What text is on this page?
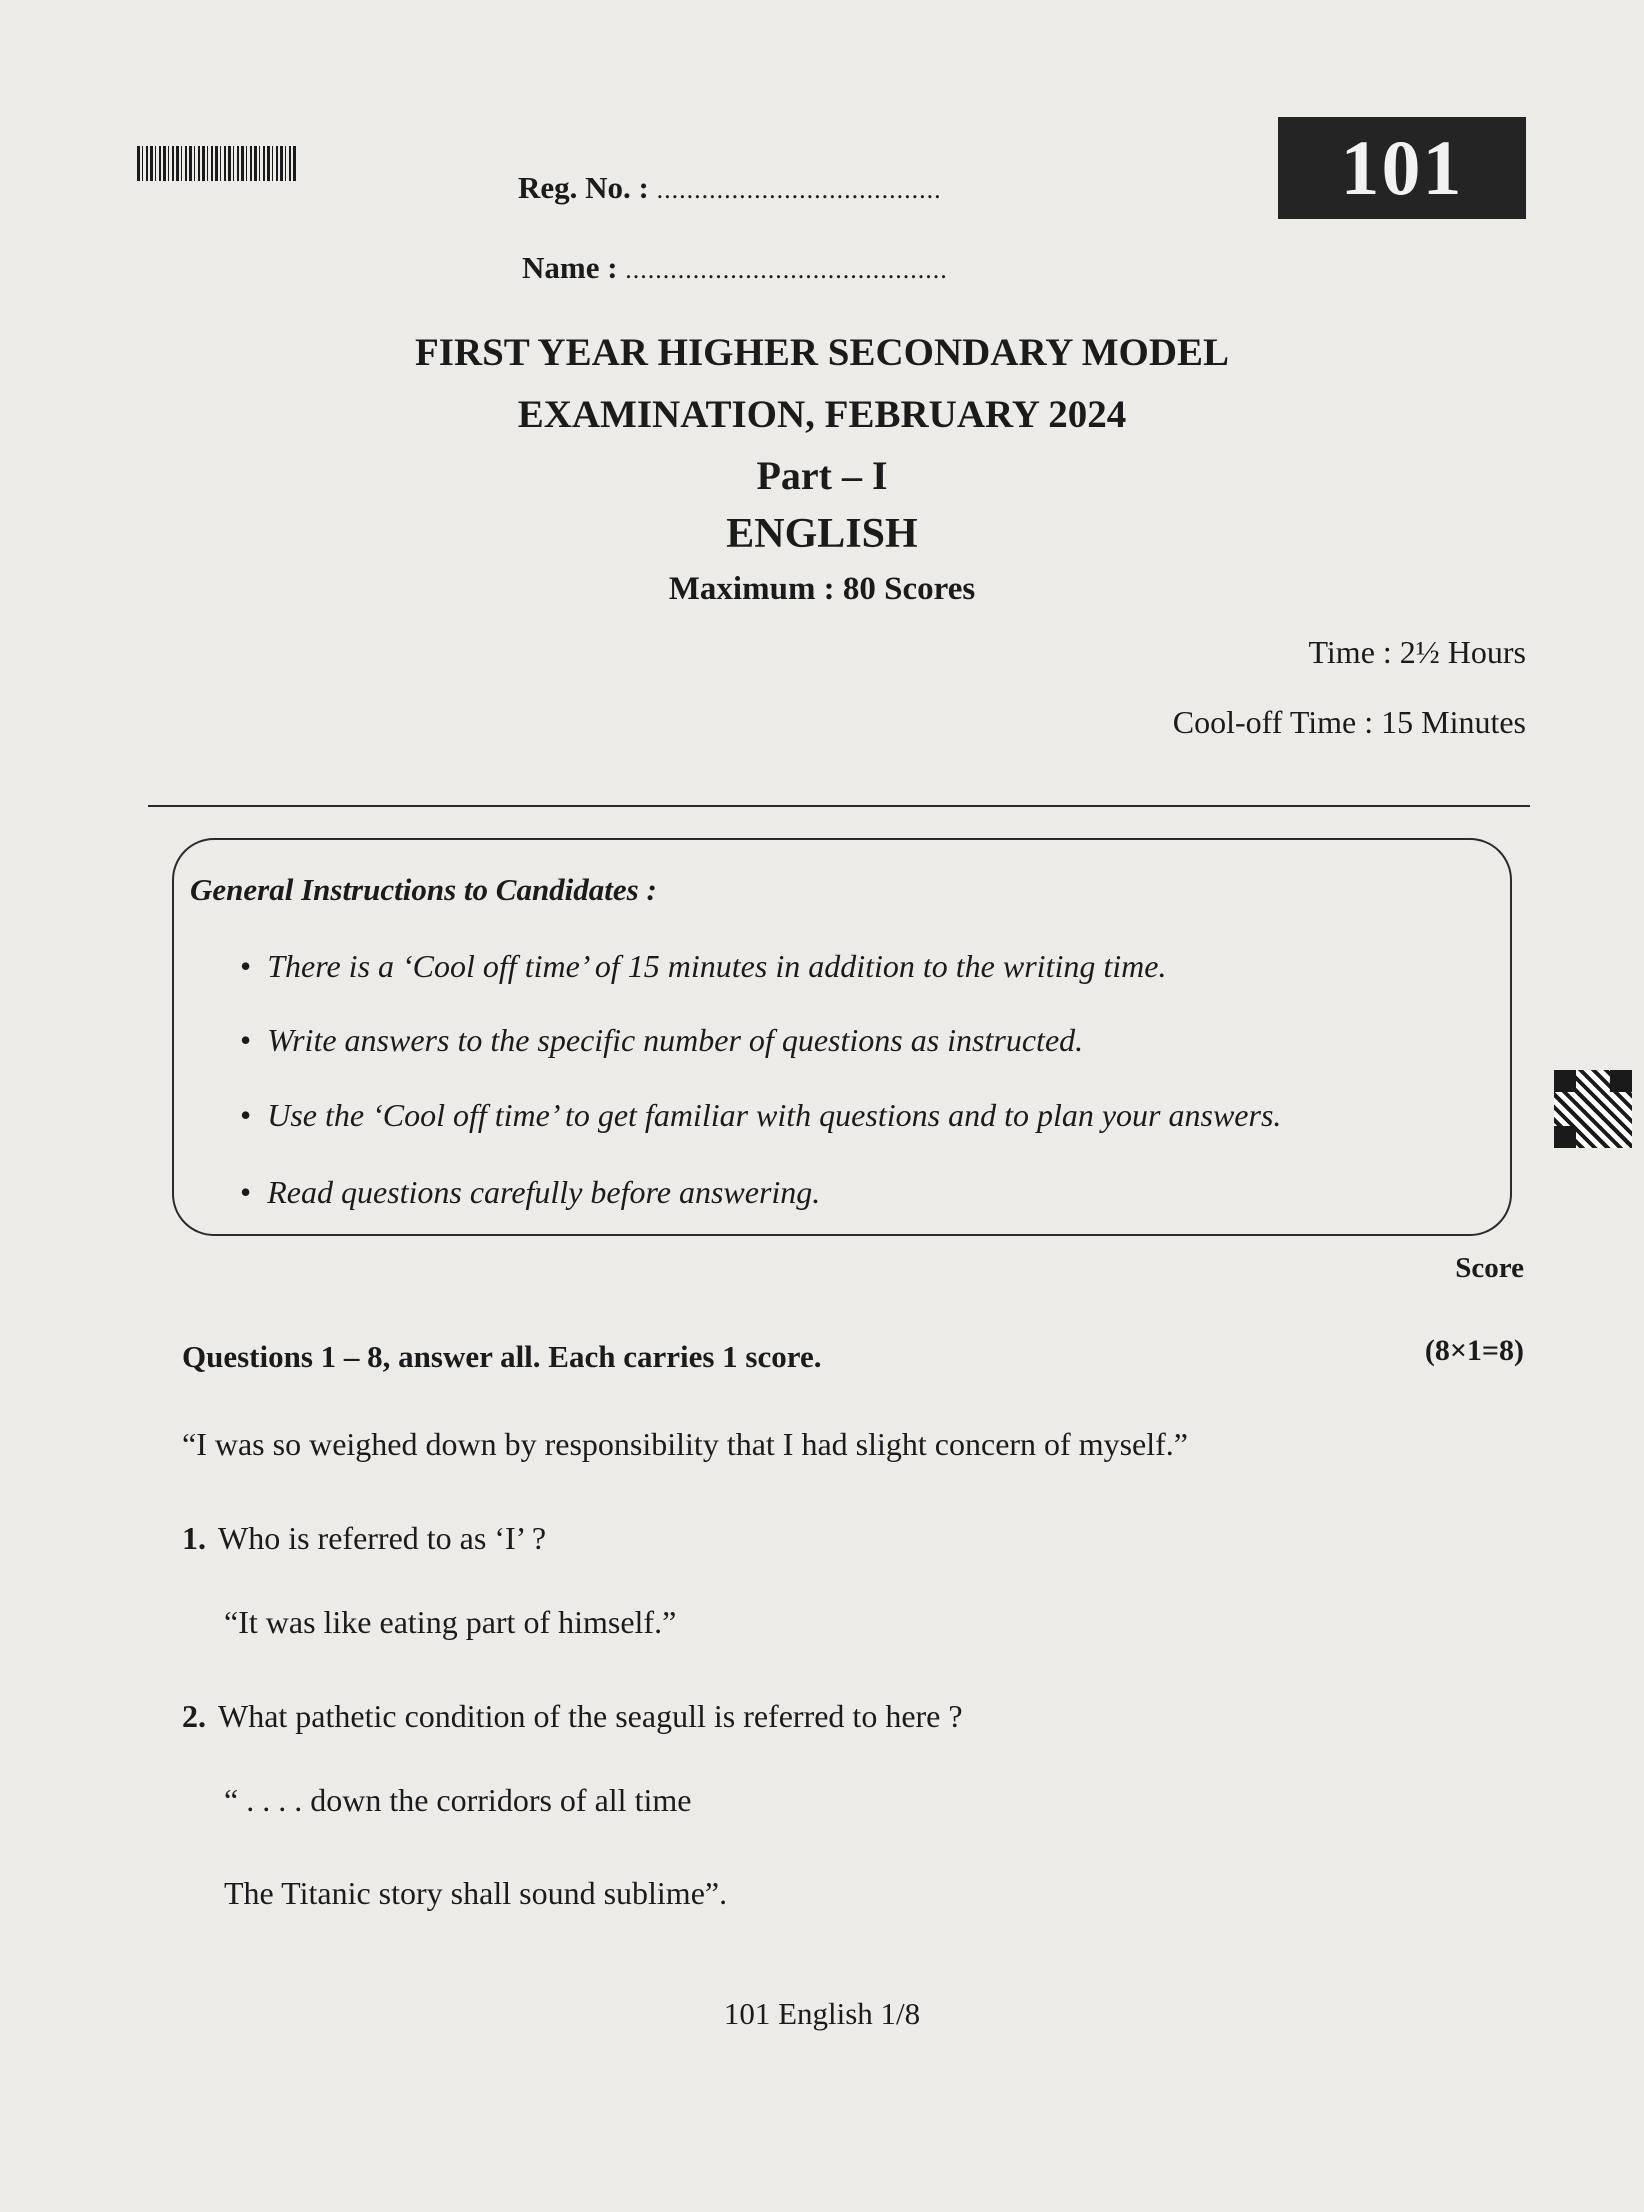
Reg. No. : ......................................
Name : ...........................................
101
FIRST YEAR HIGHER SECONDARY MODEL
EXAMINATION, FEBRUARY 2024
Part – I
ENGLISH
Maximum : 80 Scores
Time : 2½ Hours
Cool-off Time : 15 Minutes
General Instructions to Candidates :
• There is a ‘Cool off time’ of 15 minutes in addition to the writing time.
• Write answers to the specific number of questions as instructed.
• Use the ‘Cool off time’ to get familiar with questions and to plan your answers.
• Read questions carefully before answering.
Score
Questions 1 – 8, answer all. Each carries 1 score.	(8×1=8)
“I was so weighed down by responsibility that I had slight concern of myself.”
1. Who is referred to as ‘I’ ?
“It was like eating part of himself.”
2. What pathetic condition of the seagull is referred to here ?
“ . . . . down the corridors of all time
The Titanic story shall sound sublime”.
101 English 1/8
